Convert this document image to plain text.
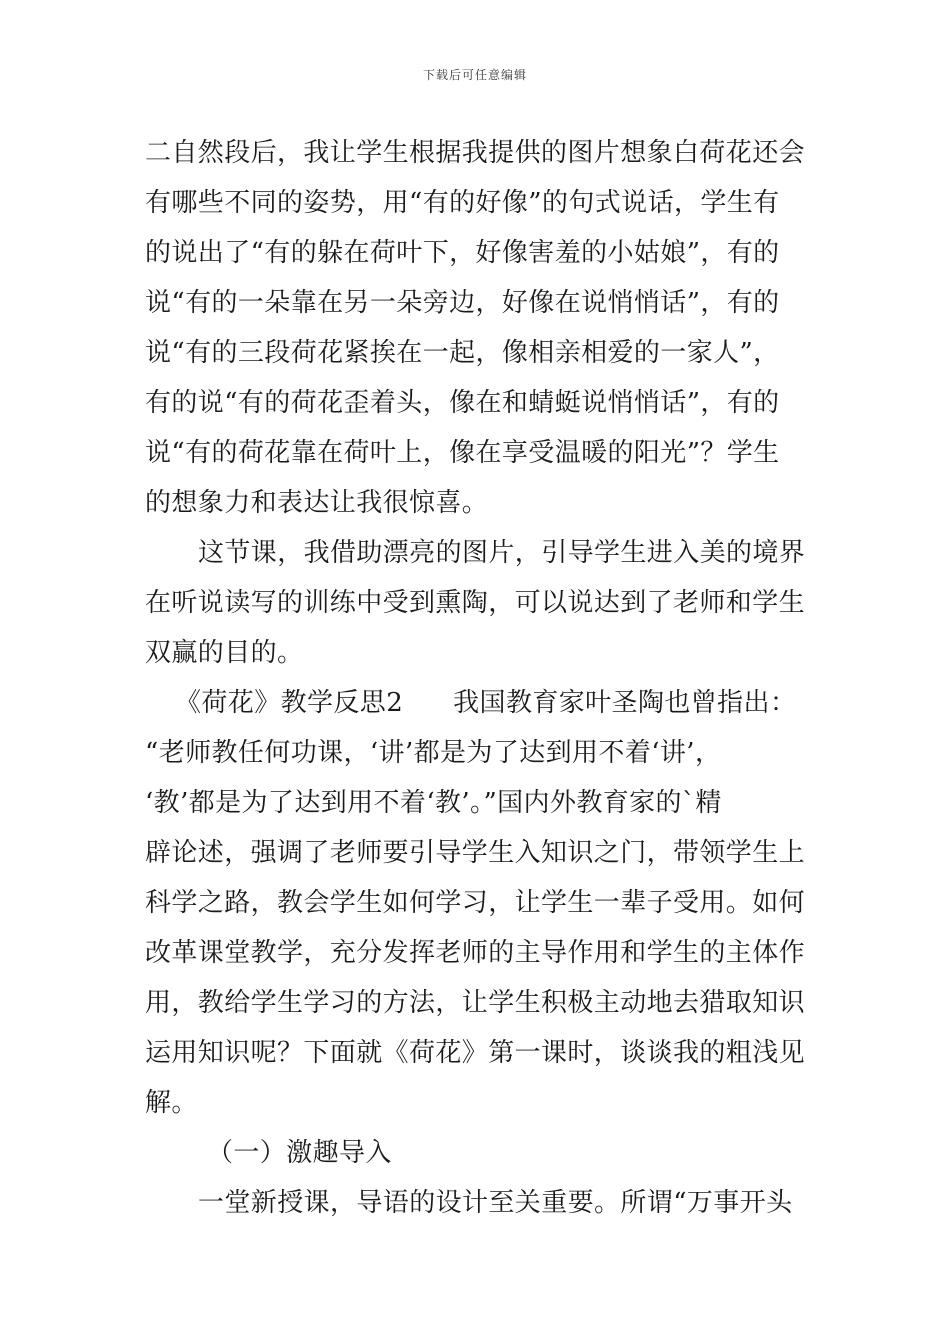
下载后可任意编辑
二自然段后，我让学生根据我提供的图片想象白荷花还会
有哪些不同的姿势，用“有的好像”的句式说话，学生有
的说出了“有的躲在荷叶下，好像害羞的小姑娘”，有的
说“有的一朵靠在另一朵旁边，好像在说悄悄话”，有的
说“有的三段荷花紧挨在一起，像相亲相爱的一家人”，
有的说“有的荷花歪着头，像在和蜻蜓说悄悄话”，有的
说“有的荷花靠在荷叶上，像在享受温暖的阳光”？学生
的想象力和表达让我很惊喜。
这节课，我借助漂亮的图片，引导学生进入美的境界
在听说读写的训练中受到熏陶，可以说达到了老师和学生
双赢的目的。
《荷花》教学反思2 我国教育家叶圣陶也曾指出：
“老师教任何功课，‘讲’都是为了达到用不着‘讲’，
‘教’都是为了达到用不着‘教’。”国内外教育家的`精
辟论述，强调了老师要引导学生入知识之门，带领学生上
科学之路，教会学生如何学习，让学生一辈子受用。如何
改革课堂教学，充分发挥老师的主导作用和学生的主体作
用，教给学生学习的方法，让学生积极主动地去猎取知识
运用知识呢？下面就《荷花》第一课时，谈谈我的粗浅见
解。
（一）激趣导入
一堂新授课，导语的设计至关重要。所谓“万事开头
